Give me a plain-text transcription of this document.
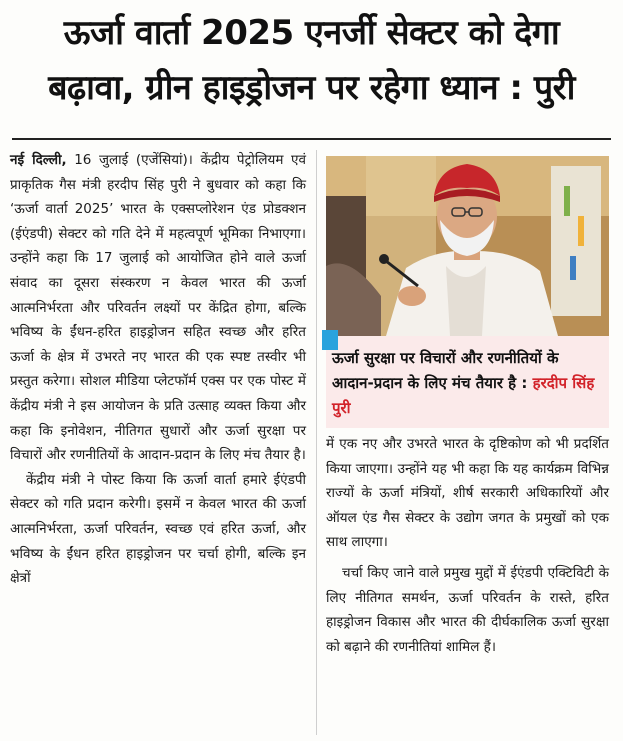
ऊर्जा वार्ता 2025 एनर्जी सेक्टर को देगा
बढ़ावा, ग्रीन हाइड्रोजन पर रहेगा ध्यान : पुरी

नई दिल्ली, 16 जुलाई (एजेंसियां)। केंद्रीय पेट्रोलियम एवं प्राकृतिक गैस मंत्री हरदीप सिंह पुरी ने बुधवार को कहा कि ‘ऊर्जा वार्ता 2025’ भारत के एक्सप्लोरेशन एंड प्रोडक्शन (ईएंडपी) सेक्टर को गति देने में महत्वपूर्ण भूमिका निभाएगा। उन्होंने कहा कि 17 जुलाई को आयोजित होने वाले ऊर्जा संवाद का दूसरा संस्करण न केवल भारत की ऊर्जा आत्मनिर्भरता और परिवर्तन लक्ष्यों पर केंद्रित होगा, बल्कि भविष्य के ईंधन-हरित हाइड्रोजन सहित स्वच्छ और हरित ऊर्जा के क्षेत्र में उभरते नए भारत की एक स्पष्ट तस्वीर भी प्रस्तुत करेगा। सोशल मीडिया प्लेटफॉर्म एक्स पर एक पोस्ट में केंद्रीय मंत्री ने इस आयोजन के प्रति उत्साह व्यक्त किया और कहा कि इनोवेशन, नीतिगत सुधारों और ऊर्जा सुरक्षा पर विचारों और रणनीतियों के आदान-प्रदान के लिए मंच तैयार है।

केंद्रीय मंत्री ने पोस्ट किया कि ऊर्जा वार्ता हमारे ईएंडपी सेक्टर को गति प्रदान करेगी। इसमें न केवल भारत की ऊर्जा आत्मनिर्भरता, ऊर्जा परिवर्तन, स्वच्छ एवं हरित ऊर्जा, और भविष्य के ईंधन हरित हाइड्रोजन पर चर्चा होगी, बल्कि इन क्षेत्रों

ऊर्जा सुरक्षा पर विचारों और रणनीतियों के आदान-प्रदान के लिए मंच तैयार है : हरदीप सिंह पुरी

में एक नए और उभरते भारत के दृष्टिकोण को भी प्रदर्शित किया जाएगा। उन्होंने यह भी कहा कि यह कार्यक्रम विभिन्न राज्यों के ऊर्जा मंत्रियों, शीर्ष सरकारी अधिकारियों और ऑयल एंड गैस सेक्टर के उद्योग जगत के प्रमुखों को एक साथ लाएगा।

चर्चा किए जाने वाले प्रमुख मुद्दों में ईएंडपी एक्टिविटी के लिए नीतिगत समर्थन, ऊर्जा परिवर्तन के रास्ते, हरित हाइड्रोजन विकास और भारत की दीर्घकालिक ऊर्जा सुरक्षा को बढ़ाने की रणनीतियां शामिल हैं।
